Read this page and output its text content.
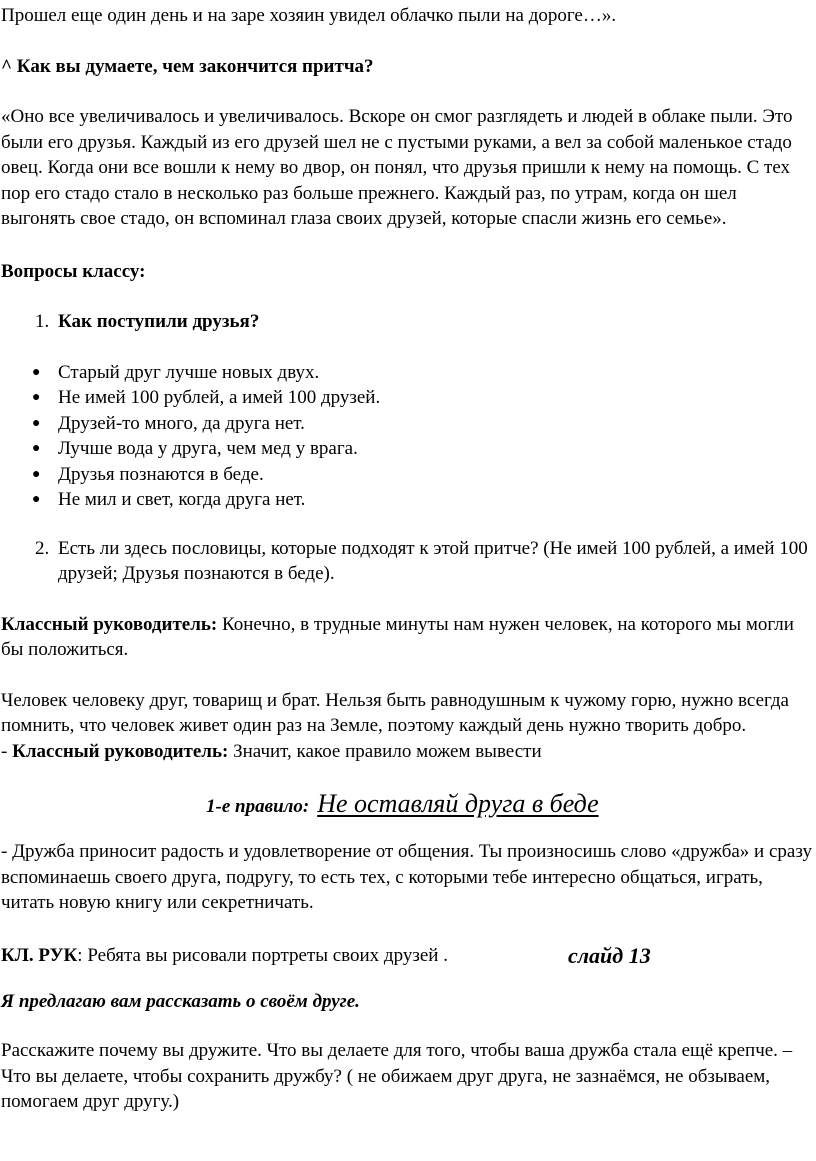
Прошел еще один день и на заре хозяин увидел облачко пыли на дороге…».

^ Как вы думаете, чем закончится притча?

«Оно все увеличивалось и увеличивалось. Вскоре он смог разглядеть и людей в облаке пыли. Это были его друзья. Каждый из его друзей шел не с пустыми руками, а вел за собой маленькое стадо овец. Когда они все вошли к нему во двор, он понял, что друзья пришли к нему на помощь. С тех пор его стадо стало в несколько раз больше прежнего. Каждый раз, по утрам, когда он шел выгонять свое стадо, он вспоминал глаза своих друзей, которые спасли жизнь его семье».

Вопросы классу:

1. Как поступили друзья?
● Старый друг лучше новых двух.
● Не имей 100 рублей, а имей 100 друзей.
● Друзей-то много, да друга нет.
● Лучше вода у друга, чем мед у врага.
● Друзья познаются в беде.
● Не мил и свет, когда друга нет.
2. Есть ли здесь пословицы, которые подходят к этой притче? (Не имей 100 рублей, а имей 100 друзей; Друзья познаются в беде).

Классный руководитель: Конечно, в трудные минуты нам нужен человек, на которого мы могли бы положиться.

Человек человеку друг, товарищ и брат. Нельзя быть равнодушным к чужому горю, нужно всегда помнить, что человек живет один раз на Земле, поэтому каждый день нужно творить добро.

- Классный руководитель: Значит, какое правило можем вывести

1-е правило: Не оставляй друга в беде

- Дружба приносит радость и удовлетворение от общения. Ты произносишь слово «дружба» и сразу вспоминаешь своего друга, подругу, то есть тех, с которыми тебе интересно общаться, играть, читать новую книгу или секретничать.

КЛ. РУК: Ребята вы рисовали портреты своих друзей .	слайд 13

Я предлагаю вам рассказать о своём друге.

Расскажите почему вы дружите. Что вы делаете для того, чтобы ваша дружба стала ещё крепче. – Что вы делаете, чтобы сохранить дружбу? ( не обижаем друг друга, не зазнаёмся, не обзываем, помогаем друг другу.)
